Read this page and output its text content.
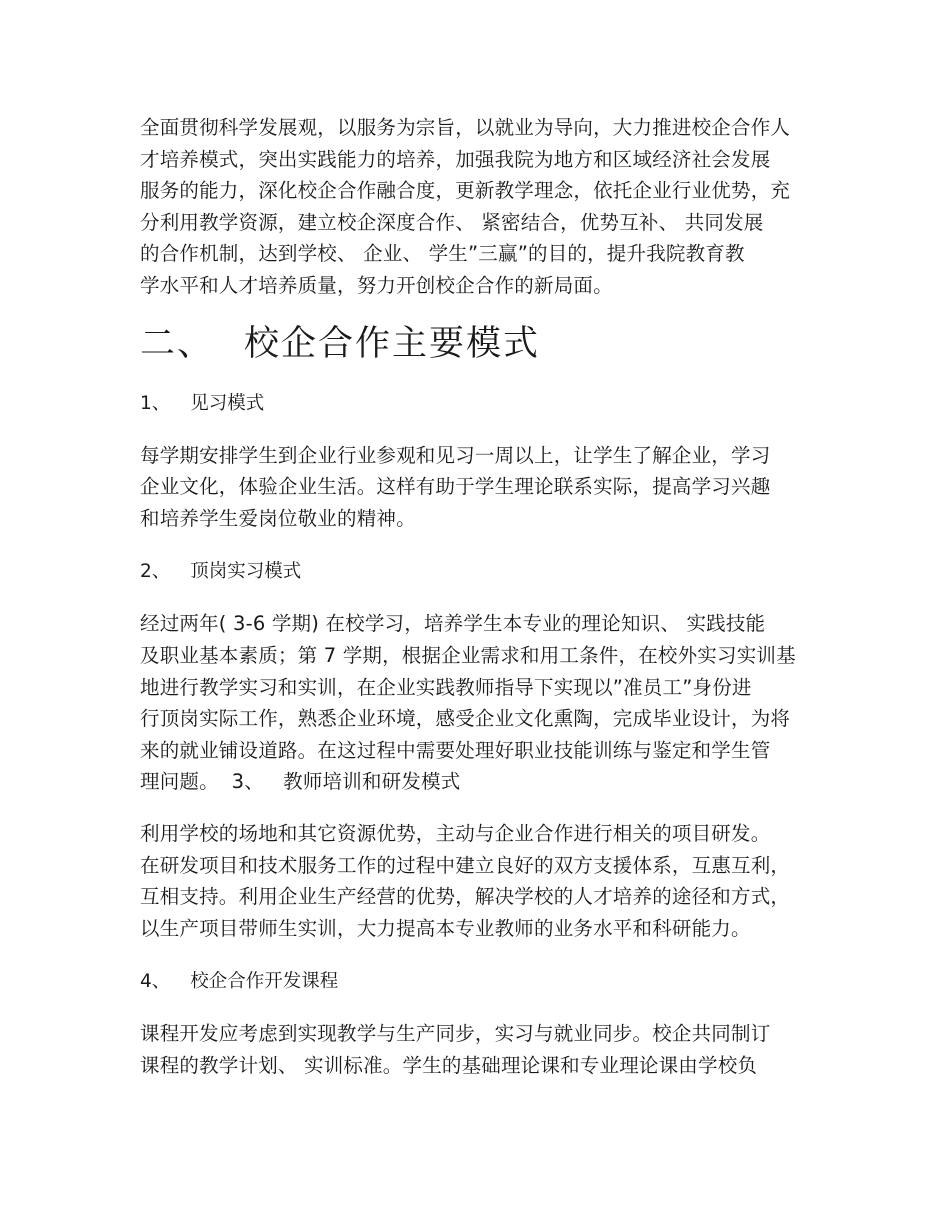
全面贯彻科学发展观，以服务为宗旨，以就业为导向，大力推进校企合作人
才培养模式，突出实践能力的培养，加强我院为地方和区域经济社会发展
服务的能力，深化校企合作融合度，更新教学理念，依托企业行业优势，充
分利用教学资源，建立校企深度合作、 紧密结合，优势互补、 共同发展
的合作机制，达到学校、 企业、 学生”三赢”的目的，提升我院教育教
学水平和人才培养质量，努力开创校企合作的新局面。

二、 校企合作主要模式
1、 见习模式

每学期安排学生到企业行业参观和见习一周以上，让学生了解企业，学习
企业文化，体验企业生活。这样有助于学生理论联系实际，提高学习兴趣
和培养学生爱岗位敬业的精神。

2、 顶岗实习模式

经过两年( 3-6 学期) 在校学习，培养学生本专业的理论知识、 实践技能
及职业基本素质；第 7 学期，根据企业需求和用工条件，在校外实习实训基
地进行教学实习和实训，在企业实践教师指导下实现以”准员工”身份进
行顶岗实际工作，熟悉企业环境，感受企业文化熏陶，完成毕业设计，为将
来的就业铺设道路。在这过程中需要处理好职业技能训练与鉴定和学生管
理问题。 3、 教师培训和研发模式

利用学校的场地和其它资源优势，主动与企业合作进行相关的项目研发。
在研发项目和技术服务工作的过程中建立良好的双方支援体系，互惠互利，
互相支持。利用企业生产经营的优势，解决学校的人才培养的途径和方式，
以生产项目带师生实训，大力提高本专业教师的业务水平和科研能力。

4、 校企合作开发课程

课程开发应考虑到实现教学与生产同步，实习与就业同步。校企共同制订
课程的教学计划、 实训标准。学生的基础理论课和专业理论课由学校负
